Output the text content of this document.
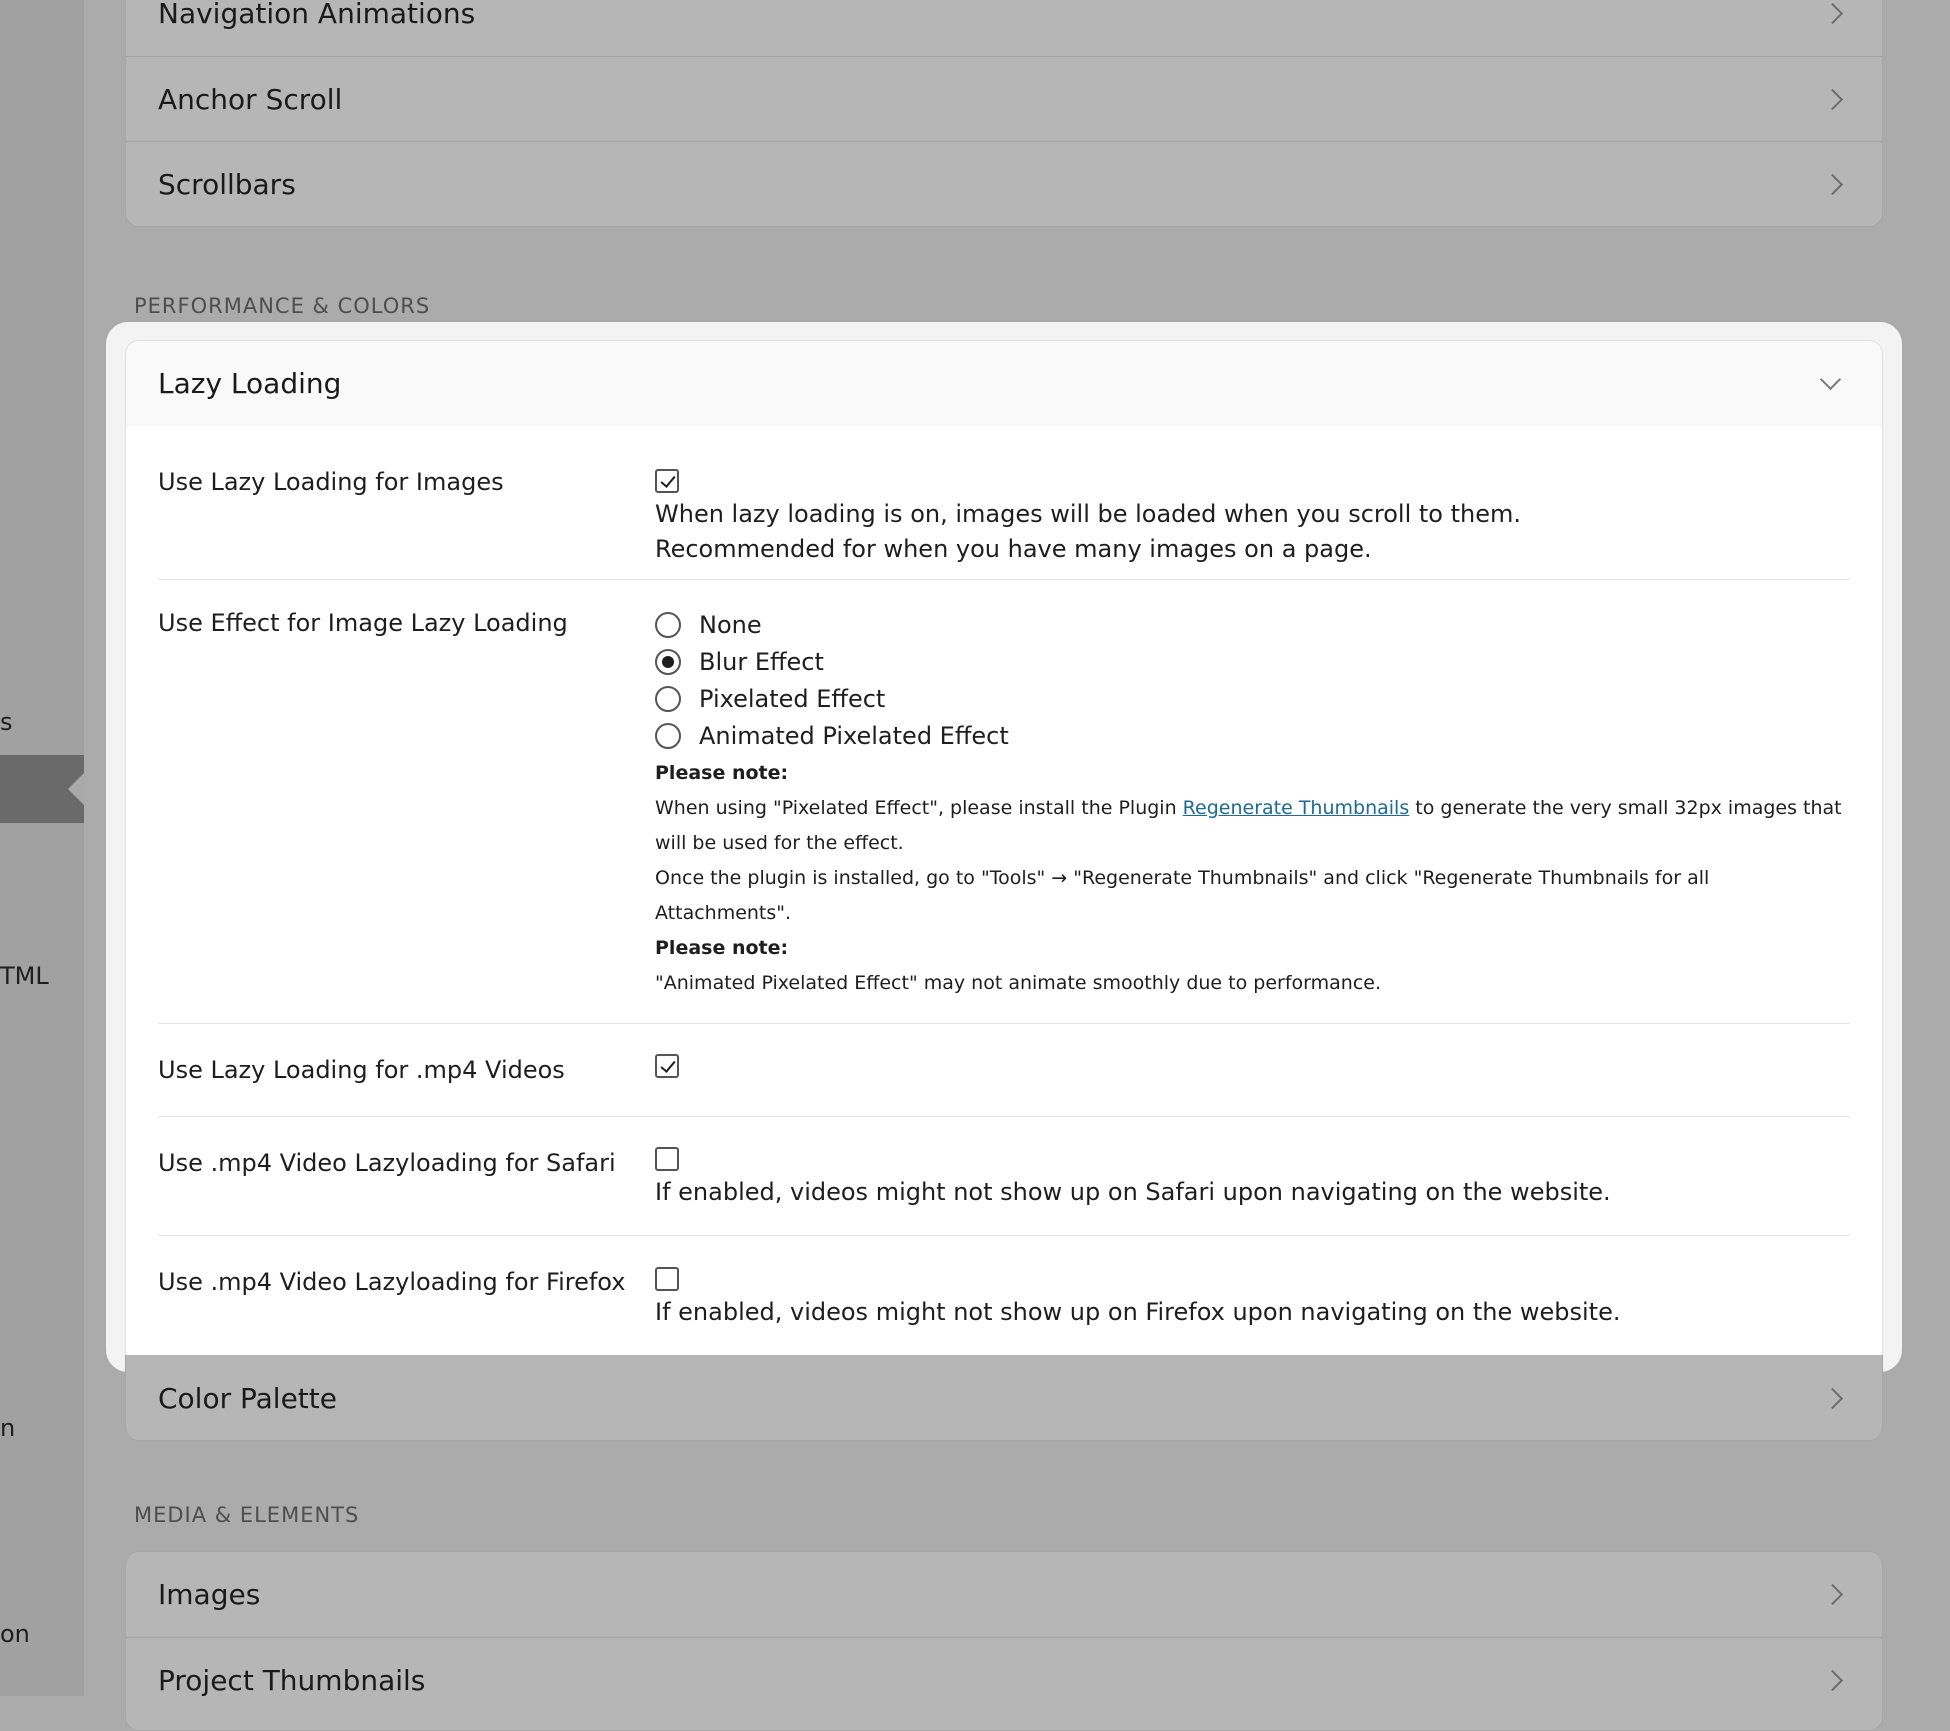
s
TML
n
on
Navigation Animations
Anchor Scroll
Scrollbars
PERFORMANCE & COLORS
Lazy Loading
Use Lazy Loading for Images
When lazy loading is on, images will be loaded when you scroll to them.
Recommended for when you have many images on a page.
Use Effect for Image Lazy Loading	None
Blur Effect
Pixelated Effect
Animated Pixelated Effect
Please note:
When using "Pixelated Effect", please install the Plugin Regenerate Thumbnails to generate the very small 32px images that will be used for the effect.
Once the plugin is installed, go to "Tools" → "Regenerate Thumbnails" and click "Regenerate Thumbnails for all Attachments".
Please note:
"Animated Pixelated Effect" may not animate smoothly due to performance.
Use Lazy Loading for .mp4 Videos
Use .mp4 Video Lazyloading for Safari
If enabled, videos might not show up on Safari upon navigating on the website.
Use .mp4 Video Lazyloading for Firefox
If enabled, videos might not show up on Firefox upon navigating on the website.
Color Palette
MEDIA & ELEMENTS
Images
Project Thumbnails
